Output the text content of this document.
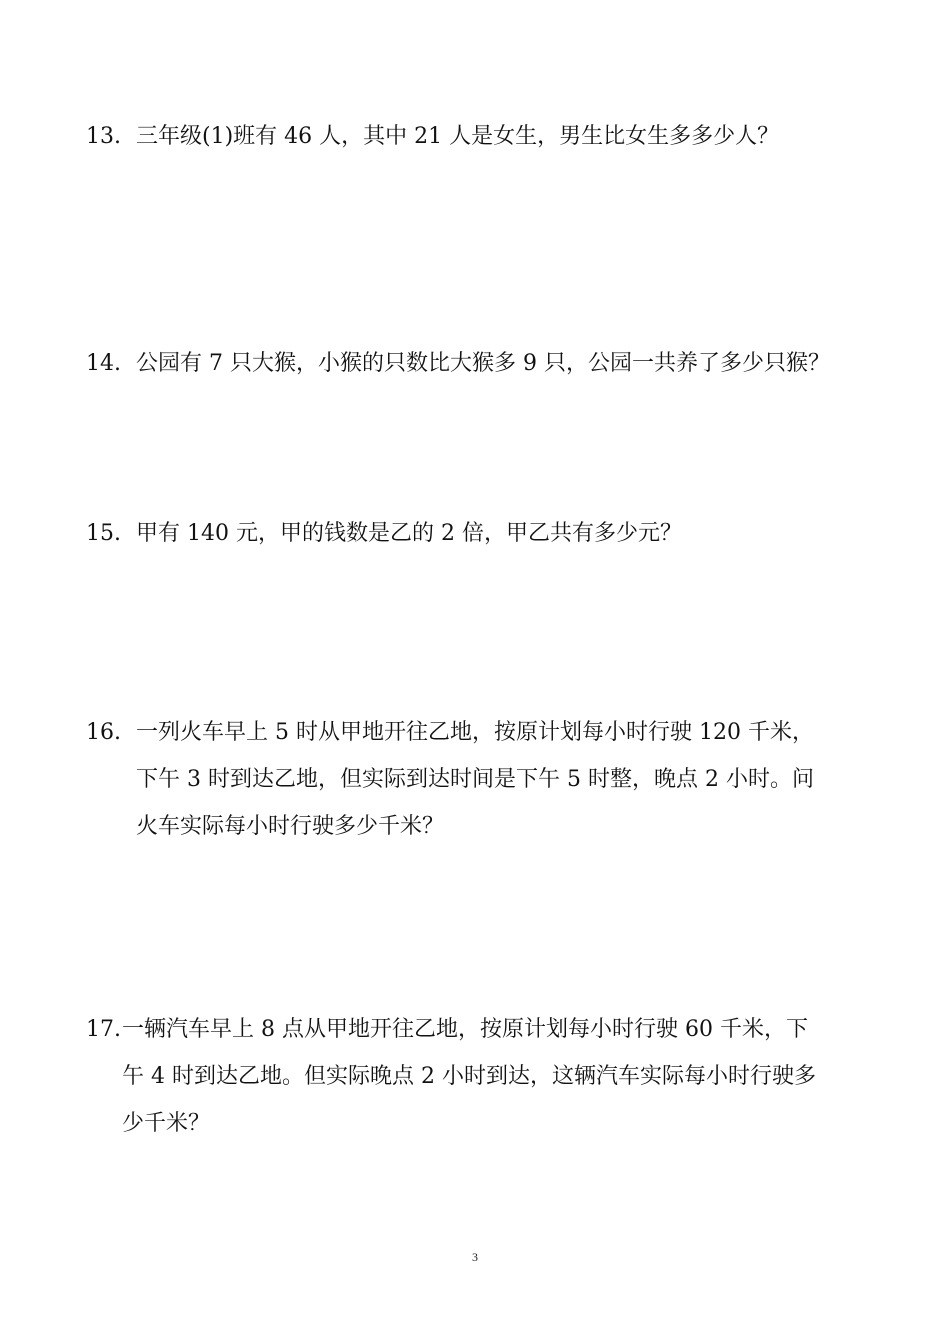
13. 三年级(1)班有 46 人，其中 21 人是女生，男生比女生多多少人？
14. 公园有 7 只大猴，小猴的只数比大猴多 9 只，公园一共养了多少只猴？
15. 甲有 140 元，甲的钱数是乙的 2 倍，甲乙共有多少元？
16. 一列火车早上 5 时从甲地开往乙地，按原计划每小时行驶 120 千米，
下午 3 时到达乙地，但实际到达时间是下午 5 时整，晚点 2 小时。问
火车实际每小时行驶多少千米？
17. 一辆汽车早上 8 点从甲地开往乙地，按原计划每小时行驶 60 千米，下
午 4 时到达乙地。但实际晚点 2 小时到达，这辆汽车实际每小时行驶多
少千米？
3
